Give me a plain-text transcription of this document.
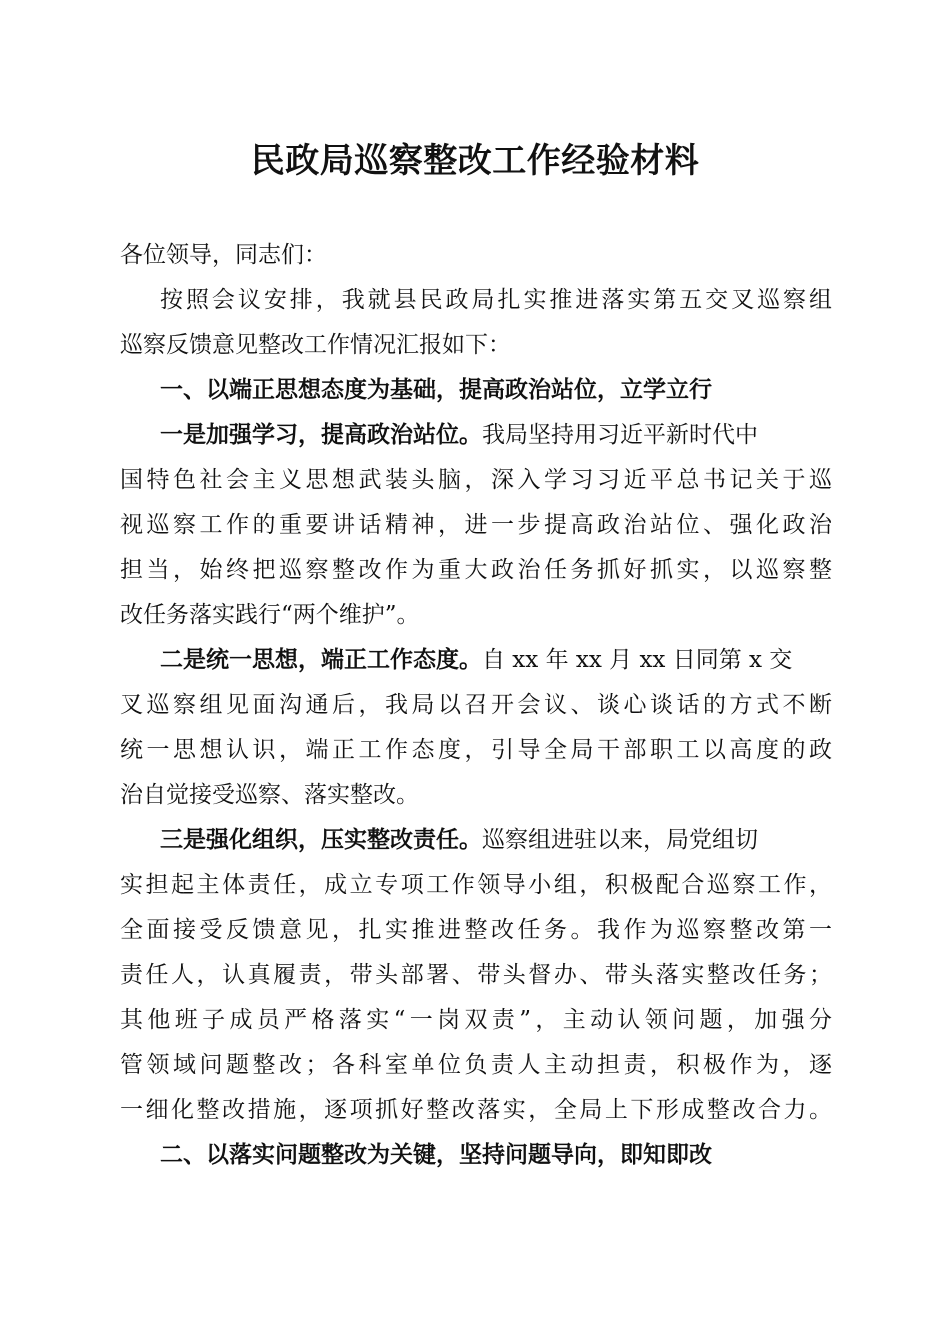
民政局巡察整改工作经验材料
各位领导，同志们：
按照会议安排，我就县民政局扎实推进落实第五交叉巡察组
巡察反馈意见整改工作情况汇报如下：
一、以端正思想态度为基础，提高政治站位，立学立行
一是加强学习，提高政治站位。我局坚持用习近平新时代中
国特色社会主义思想武装头脑，深入学习习近平总书记关于巡
视巡察工作的重要讲话精神，进一步提高政治站位、强化政治
担当，始终把巡察整改作为重大政治任务抓好抓实，以巡察整
改任务落实践行“两个维护”。
二是统一思想，端正工作态度。自 xx 年 xx 月 xx 日同第 x 交
叉巡察组见面沟通后，我局以召开会议、谈心谈话的方式不断
统一思想认识，端正工作态度，引导全局干部职工以高度的政
治自觉接受巡察、落实整改。
三是强化组织，压实整改责任。巡察组进驻以来，局党组切
实担起主体责任，成立专项工作领导小组，积极配合巡察工作，
全面接受反馈意见，扎实推进整改任务。我作为巡察整改第一
责任人，认真履责，带头部署、带头督办、带头落实整改任务；
其他班子成员严格落实“一岗双责”，主动认领问题，加强分
管领域问题整改；各科室单位负责人主动担责，积极作为，逐
一细化整改措施，逐项抓好整改落实，全局上下形成整改合力。
二、以落实问题整改为关键，坚持问题导向，即知即改
